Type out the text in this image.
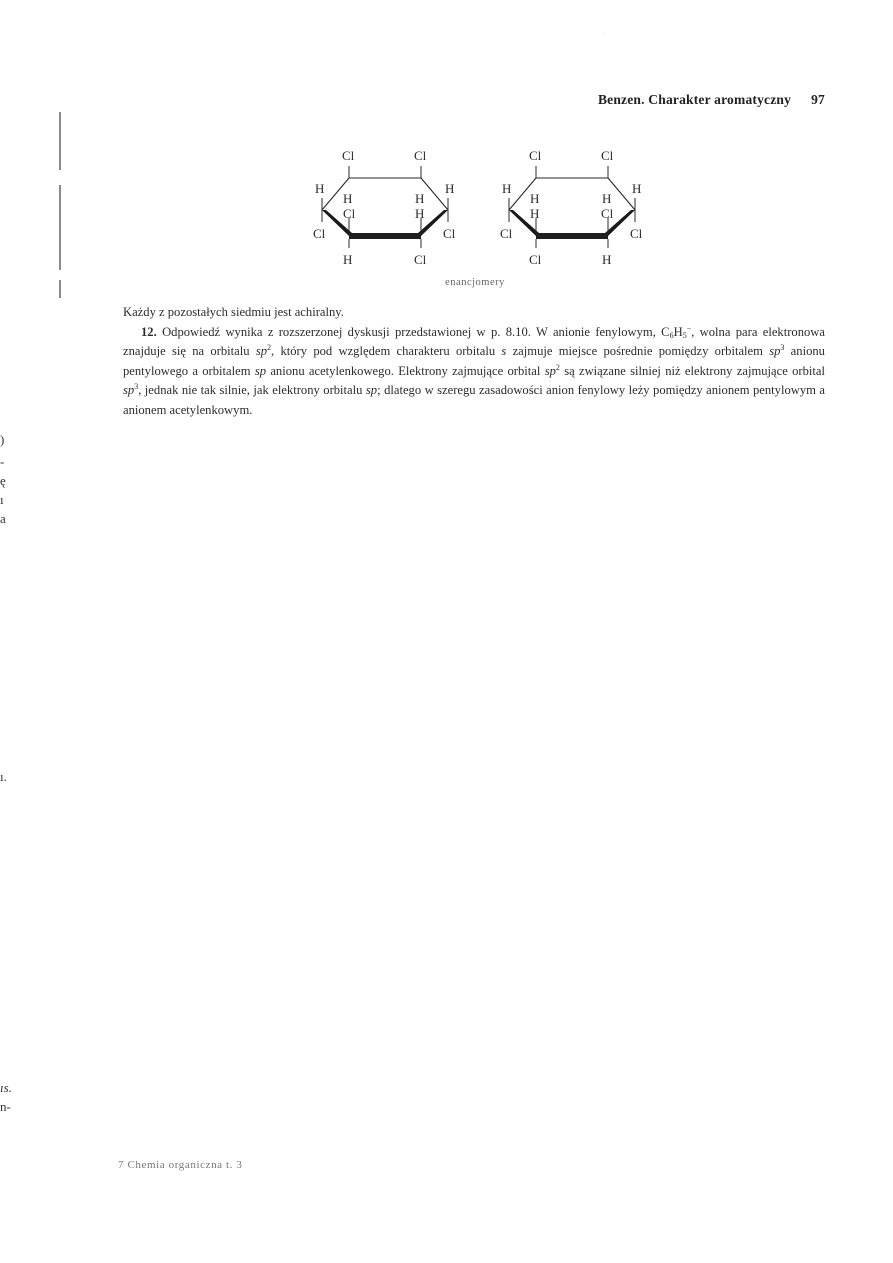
Benzen. Charakter aromatyczny 97
)
-
ę
ı
a
ı.
ıs.
n-
Cl	Cl
H	H
H
Cl
H
H
Cl	Cl
H	Cl
Cl	Cl
H	H
H
H
H
Cl
Cl	Cl
Cl	H
enancjomery

Każdy z pozostałych siedmiu jest achiralny.

12. Odpowiedź wynika z rozszerzonej dyskusji przedstawionej w p. 8.10. W anionie fenylowym, $C_6H_5^-$, wolna para elektronowa znajduje się na orbitalu $sp^2$, który pod względem charakteru orbitalu s zajmuje miejsce pośrednie pomiędzy orbitalem $sp^3$ anionu pentylowego a orbitalem sp anionu acetylenkowego. Elektrony zajmujące orbital $sp^2$ są związane silniej niż elektrony zajmujące orbital $sp^3$, jednak nie tak silnie, jak elektrony orbitalu sp; dlatego w szeregu zasadowości anion fenylowy leży pomiędzy anionem pentylowym a anionem acetylenkowym.

7 Chemia organiczna t. 3
